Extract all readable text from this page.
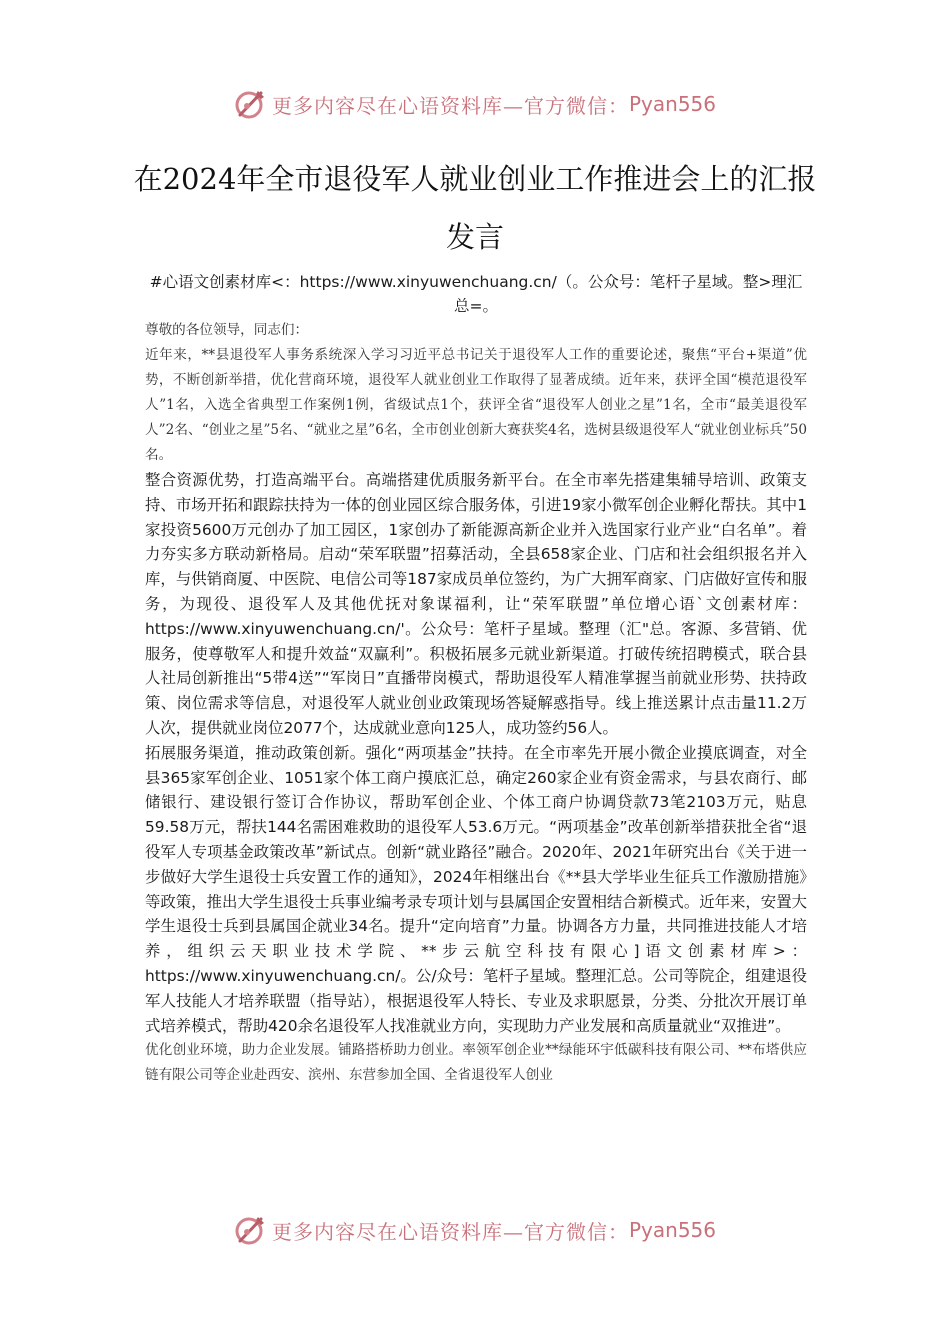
更多内容尽在心语资料库—官方微信： Pyan556
在2024年全市退役军人就业创业工作推进会上的汇报发言

#心语文创素材库<：https://www.xinyuwenchuang.cn/（。公众号：笔杆子星域。整>理汇总=。

尊敬的各位领导，同志们：

近年来，**县退役军人事务系统深入学习习近平总书记关于退役军人工作的重要论述，聚焦“平台+渠道”优势，不断创新举措，优化营商环境，退役军人就业创业工作取得了显著成绩。近年来，获评全国“模范退役军人”1名，入选全省典型工作案例1例，省级试点1个，获评全省“退役军人创业之星”1名，全市“最美退役军人”2名、“创业之星”5名、“就业之星”6名，全市创业创新大赛获奖4名，选树县级退役军人“就业创业标兵”50名。

整合资源优势，打造高端平台。高端搭建优质服务新平台。在全市率先搭建集辅导培训、政策支持、市场开拓和跟踪扶持为一体的创业园区综合服务体，引进19家小微军创企业孵化帮扶。其中1家投资5600万元创办了加工园区，1家创办了新能源高新企业并入选国家行业产业“白名单”。着力夯实多方联动新格局。启动“荣军联盟”招募活动，全县658家企业、门店和社会组织报名并入库，与供销商厦、中医院、电信公司等187家成员单位签约，为广大拥军商家、门店做好宣传和服务，为现役、退役军人及其他优抚对象谋福利，让“荣军联盟”单位增心语`文创素材库：https://www.xinyuwenchuang.cn/'。公众号：笔杆子星域。整理（汇"总。客源、多营销、优服务，使尊敬军人和提升效益“双赢利”。积极拓展多元就业新渠道。打破传统招聘模式，联合县人社局创新推出“5带4送”“军岗日”直播带岗模式，帮助退役军人精准掌握当前就业形势、扶持政策、岗位需求等信息，对退役军人就业创业政策现场答疑解惑指导。线上推送累计点击量11.2万人次，提供就业岗位2077个，达成就业意向125人，成功签约56人。

拓展服务渠道，推动政策创新。强化“两项基金”扶持。在全市率先开展小微企业摸底调查，对全县365家军创企业、1051家个体工商户摸底汇总，确定260家企业有资金需求，与县农商行、邮储银行、建设银行签订合作协议，帮助军创企业、个体工商户协调贷款73笔2103万元，贴息59.58万元，帮扶144名需困难救助的退役军人53.6万元。“两项基金”改革创新举措获批全省“退役军人专项基金政策改革”新试点。创新“就业路径”融合。2020年、2021年研究出台《关于进一步做好大学生退役士兵安置工作的通知》，2024年相继出台《**县大学毕业生征兵工作激励措施》等政策，推出大学生退役士兵事业编考录专项计划与县属国企安置相结合新模式。近年来，安置大学生退役士兵到县属国企就业34名。提升“定向培育”力量。协调各方力量，共同推进技能人才培养，组织云天职业技术学院、**步云航空科技有限心]语文创素材库>：https://www.xinyuwenchuang.cn/。公/众号：笔杆子星域。整理汇总。公司等院企，组建退役军人技能人才培养联盟（指导站），根据退役军人特长、专业及求职愿景，分类、分批次开展订单式培养模式，帮助420余名退役军人找准就业方向，实现助力产业发展和高质量就业“双推进”。

优化创业环境，助力企业发展。铺路搭桥助力创业。率领军创企业**绿能环宇低碳科技有限公司、**布塔供应链有限公司等企业赴西安、滨州、东营参加全国、全省退役军人创业

更多内容尽在心语资料库—官方微信： Pyan556
